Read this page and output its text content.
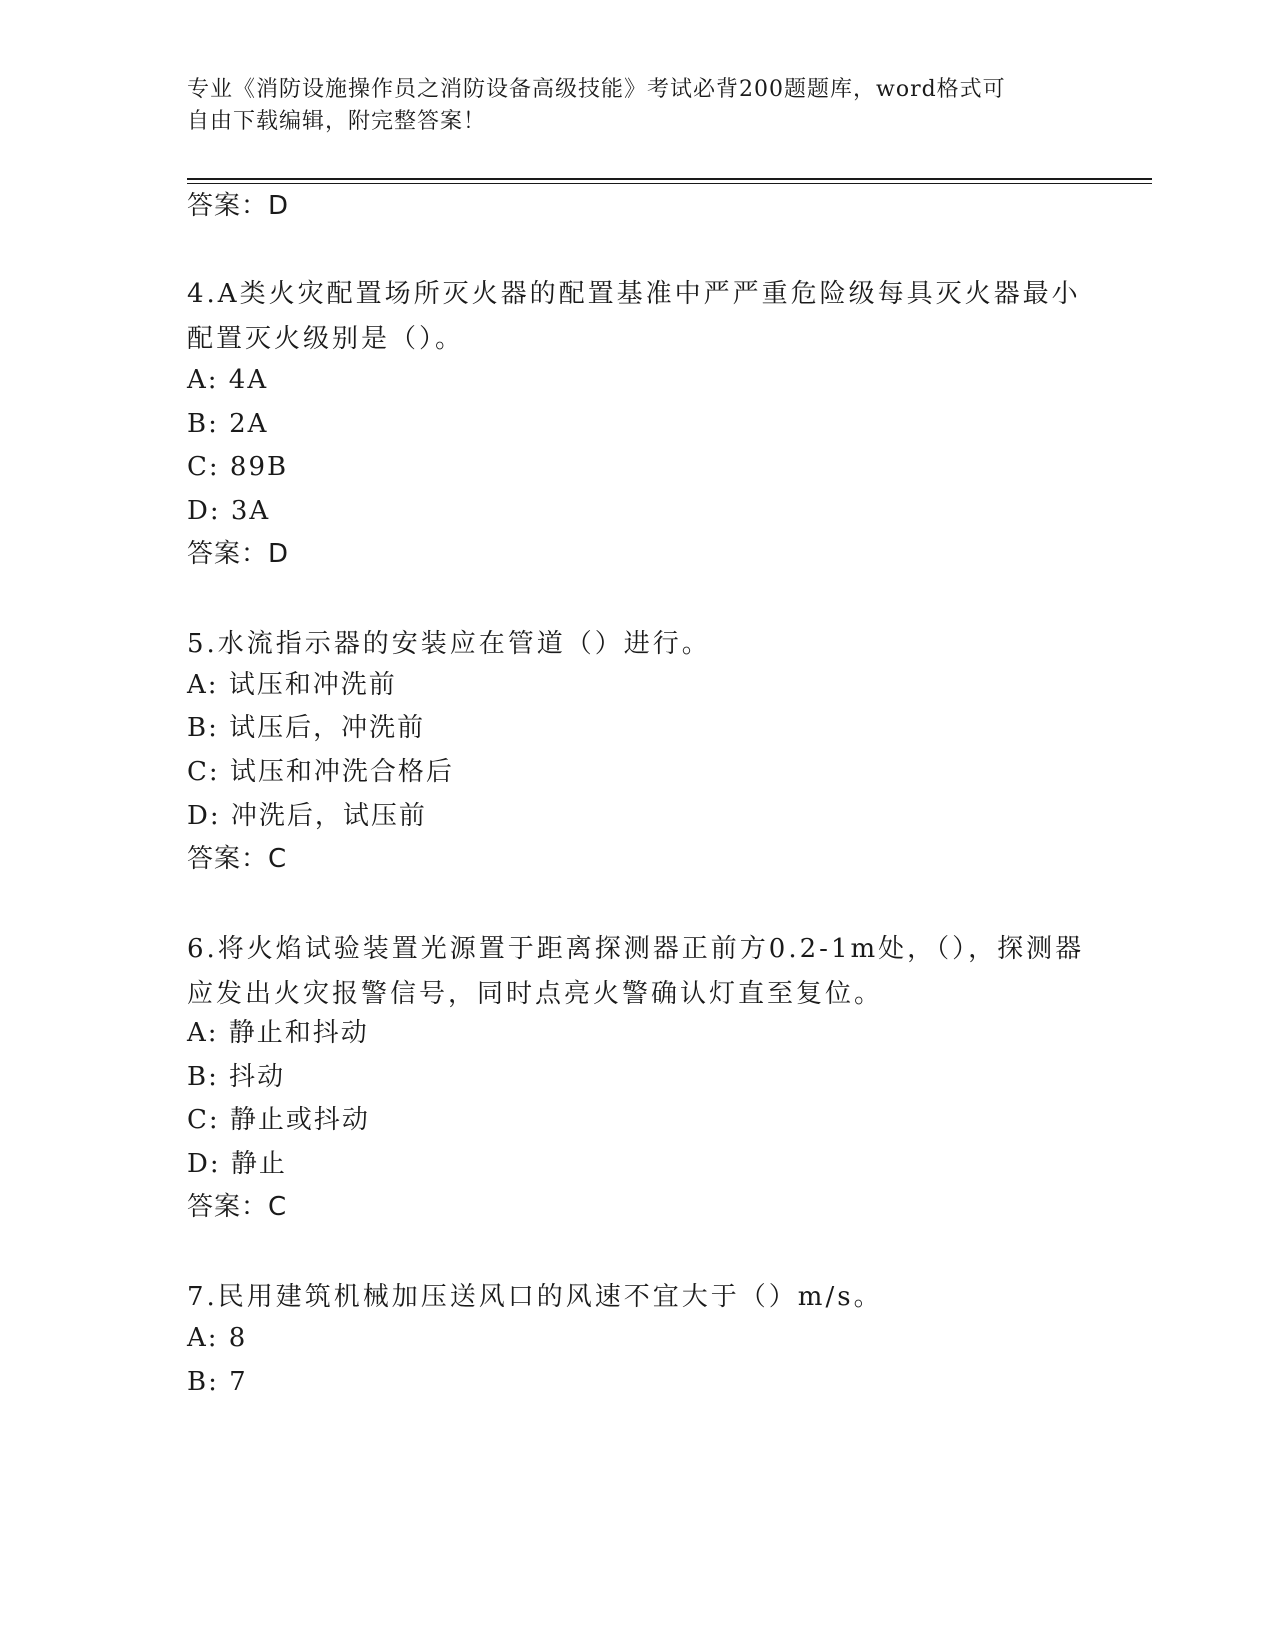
专业《消防设施操作员之消防设备高级技能》考试必背200题题库，word格式可
自由下载编辑，附完整答案！
答案：D
4.A类火灾配置场所灭火器的配置基准中严严重危险级每具灭火器最小配置灭火级别是（）。
A: 4A
B: 2A
C: 89B
D: 3A
答案：D
5.水流指示器的安装应在管道（）进行。
A: 试压和冲洗前
B: 试压后，冲洗前
C: 试压和冲洗合格后
D: 冲洗后，试压前
答案：C
6.将火焰试验装置光源置于距离探测器正前方0.2-1m处，（），探测器应发出火灾报警信号，同时点亮火警确认灯直至复位。
A: 静止和抖动
B: 抖动
C: 静止或抖动
D: 静止
答案：C
7.民用建筑机械加压送风口的风速不宜大于（）m/s。
A: 8
B: 7
